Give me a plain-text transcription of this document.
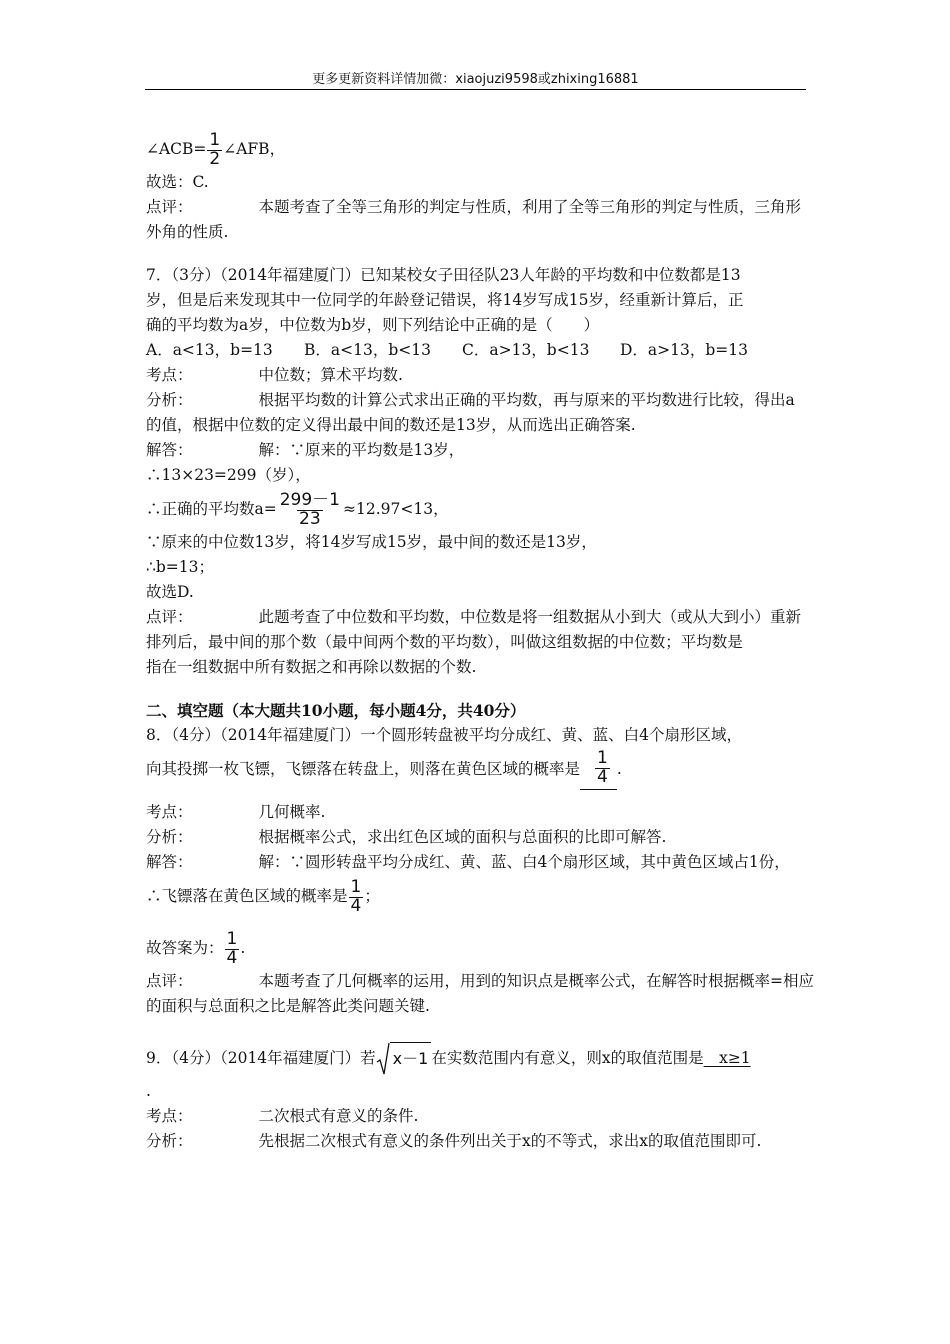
更多更新资料详情加微：xiaojuzi9598或zhixing16881
∠ACB= $\frac{1}{2}$ ∠AFB，
故选：C.
点评：	本题考查了全等三角形的判定与性质，利用了全等三角形的判定与性质，三角形
外角的性质.
7．（3分）（2014年福建厦门）已知某校女子田径队23人年龄的平均数和中位数都是13
岁，但是后来发现其中一位同学的年龄登记错误，将14岁写成15岁，经重新计算后，正
确的平均数为a岁，中位数为b岁，则下列结论中正确的是（　　）
A．a<13，b=13 B．a<13，b<13 C．a>13，b<13 D．a>13，b=13
考点：	中位数；算术平均数.
分析：	根据平均数的计算公式求出正确的平均数，再与原来的平均数进行比较，得出a
的值，根据中位数的定义得出最中间的数还是13岁，从而选出正确答案.
解答：	解：∵原来的平均数是13岁，
∴13×23=299（岁），
∴正确的平均数$a= \frac{299-1}{23} \approx 12.97<13$，
∵原来的中位数13岁，将14岁写成15岁，最中间的数还是13岁，
∴b=13；
故选D.
点评：	此题考查了中位数和平均数，中位数是将一组数据从小到大（或从大到小）重新
排列后，最中间的那个数（最中间两个数的平均数），叫做这组数据的中位数；平均数是
指在一组数据中所有数据之和再除以数据的个数.
二、填空题（本大题共10小题，每小题4分，共40分）
8．（4分）（2014年福建厦门）一个圆形转盘被平均分成红、黄、蓝、白4个扇形区域，
向其投掷一枚飞镖，飞镖落在转盘上，则落在黄色区域的概率是 $\frac{1}{4}$ .
考点：	几何概率.
分析：	根据概率公式，求出红色区域的面积与总面积的比即可解答.
解答：	解：∵圆形转盘平均分成红、黄、蓝、白4个扇形区域，其中黄色区域占1份，
∴飞镖落在黄色区域的概率是 $\frac{1}{4}$ ；
故答案为： $\frac{1}{4}$ .
点评：	本题考查了几何概率的运用，用到的知识点是概率公式，在解答时根据概率=相应
的面积与总面积之比是解答此类问题关键.
9．（4分）（2014年福建厦门）若 x－1 在实数范围内有意义，则x的取值范围是　x≥1
.
考点：	二次根式有意义的条件.
分析：	先根据二次根式有意义的条件列出关于x的不等式，求出x的取值范围即可.
